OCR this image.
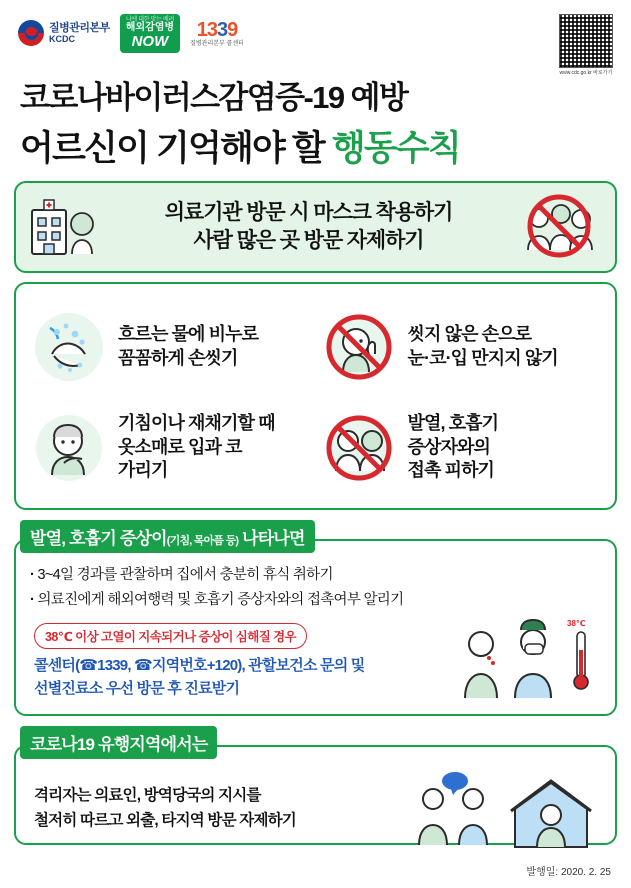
질병관리본부
KCDC
나에 대한 맞는 배려
해외감염병
NOW
1339
질병관리본부 콜센터
www.cdc.go.kr 바로가기
코로나바이러스감염증-19 예방
어르신이 기억해야 할 행동수칙
의료기관 방문 시 마스크 착용하기
사람 많은 곳 방문 자제하기
흐르는 물에 비누로
꼼꼼하게 손씻기
씻지 않은 손으로
눈·코·입 만지지 않기
기침이나 재채기할 때
옷소매로 입과 코
가리기
발열, 호흡기
증상자와의
접촉 피하기
발열, 호흡기 증상이(기침, 목아픔 등) 나타나면
· 3~4일 경과를 관찰하며 집에서 충분히 휴식 취하기
· 의료진에게 해외여행력 및 호흡기 증상자와의 접촉여부 알리기
38℃ 이상 고열이 지속되거나 증상이 심해질 경우
콜센터(☎1339, ☎지역번호+120), 관할보건소 문의 및
선별진료소 우선 방문 후 진료받기
38℃
코로나19 유행지역에서는
격리자는 의료인, 방역당국의 지시를
철저히 따르고 외출, 타지역 방문 자제하기
발행일: 2020. 2. 25
